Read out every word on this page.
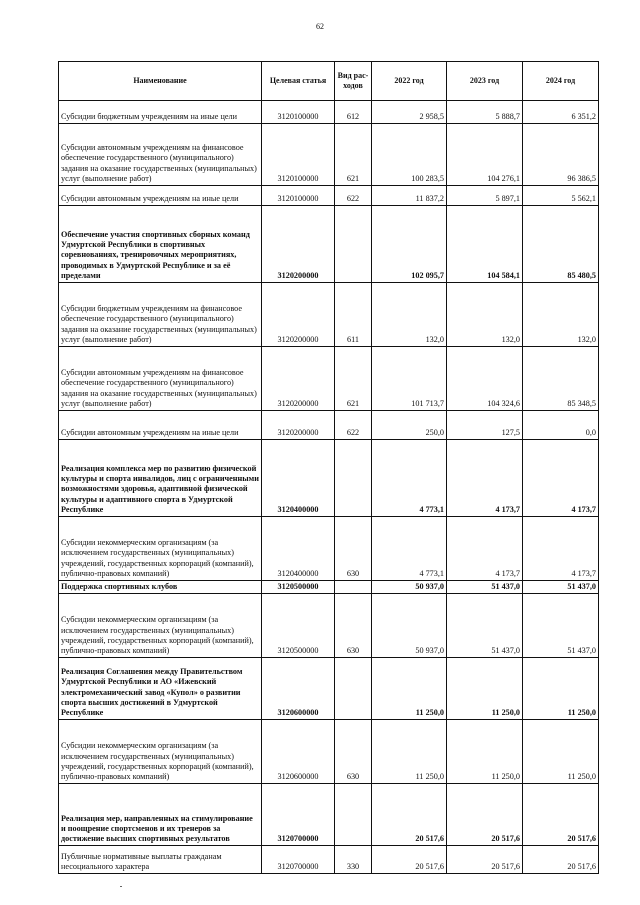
62
Наименование	Целевая статья	Вид рас-ходов	2022 год	2023 год	2024 год
Субсидии бюджетным учреждениям на иные цели	3120100000	612	2 958,5	5 888,7	6 351,2
Субсидии автономным учреждениям на финансовое обеспечение государственного (муниципального) задания на оказание государственных (муниципальных) услуг (выполнение работ)	3120100000	621	100 283,5	104 276,1	96 386,5
Субсидии автономным учреждениям на иные цели	3120100000	622	11 837,2	5 897,1	5 562,1
Обеспечение участия спортивных сборных команд Удмуртской Республики в спортивных соревнованиях, тренировочных мероприятиях, проводимых в Удмуртской Республике и за её пределами	3120200000		102 095,7	104 584,1	85 480,5
Субсидии бюджетным учреждениям на финансовое обеспечение государственного (муниципального) задания на оказание государственных (муниципальных) услуг (выполнение работ)	3120200000	611	132,0	132,0	132,0
Субсидии автономным учреждениям на финансовое обеспечение государственного (муниципального) задания на оказание государственных (муниципальных) услуг (выполнение работ)	3120200000	621	101 713,7	104 324,6	85 348,5
Субсидии автономным учреждениям на иные цели	3120200000	622	250,0	127,5	0,0
Реализация комплекса мер по развитию физической культуры и спорта инвалидов, лиц с ограниченными возможностями здоровья, адаптивной физической культуры и адаптивного спорта в Удмуртской Республике	3120400000		4 773,1	4 173,7	4 173,7
Субсидии некоммерческим организациям (за исключением государственных (муниципальных) учреждений, государственных корпораций (компаний), публично-правовых компаний)	3120400000	630	4 773,1	4 173,7	4 173,7
Поддержка спортивных клубов	3120500000		50 937,0	51 437,0	51 437,0
Субсидии некоммерческим организациям (за исключением государственных (муниципальных) учреждений, государственных корпораций (компаний), публично-правовых компаний)	3120500000	630	50 937,0	51 437,0	51 437,0
Реализация Соглашения между Правительством Удмуртской Республики и АО «Ижевский электромеханический завод «Купол» о развитии спорта высших достижений в Удмуртской Республике	3120600000		11 250,0	11 250,0	11 250,0
Субсидии некоммерческим организациям (за исключением государственных (муниципальных) учреждений, государственных корпораций (компаний), публично-правовых компаний)	3120600000	630	11 250,0	11 250,0	11 250,0
Реализация мер, направленных на стимулирование и поощрение спортсменов и их тренеров за достижение высших спортивных результатов	3120700000		20 517,6	20 517,6	20 517,6
Публичные нормативные выплаты гражданам несоциального характера	3120700000	330	20 517,6	20 517,6	20 517,6
